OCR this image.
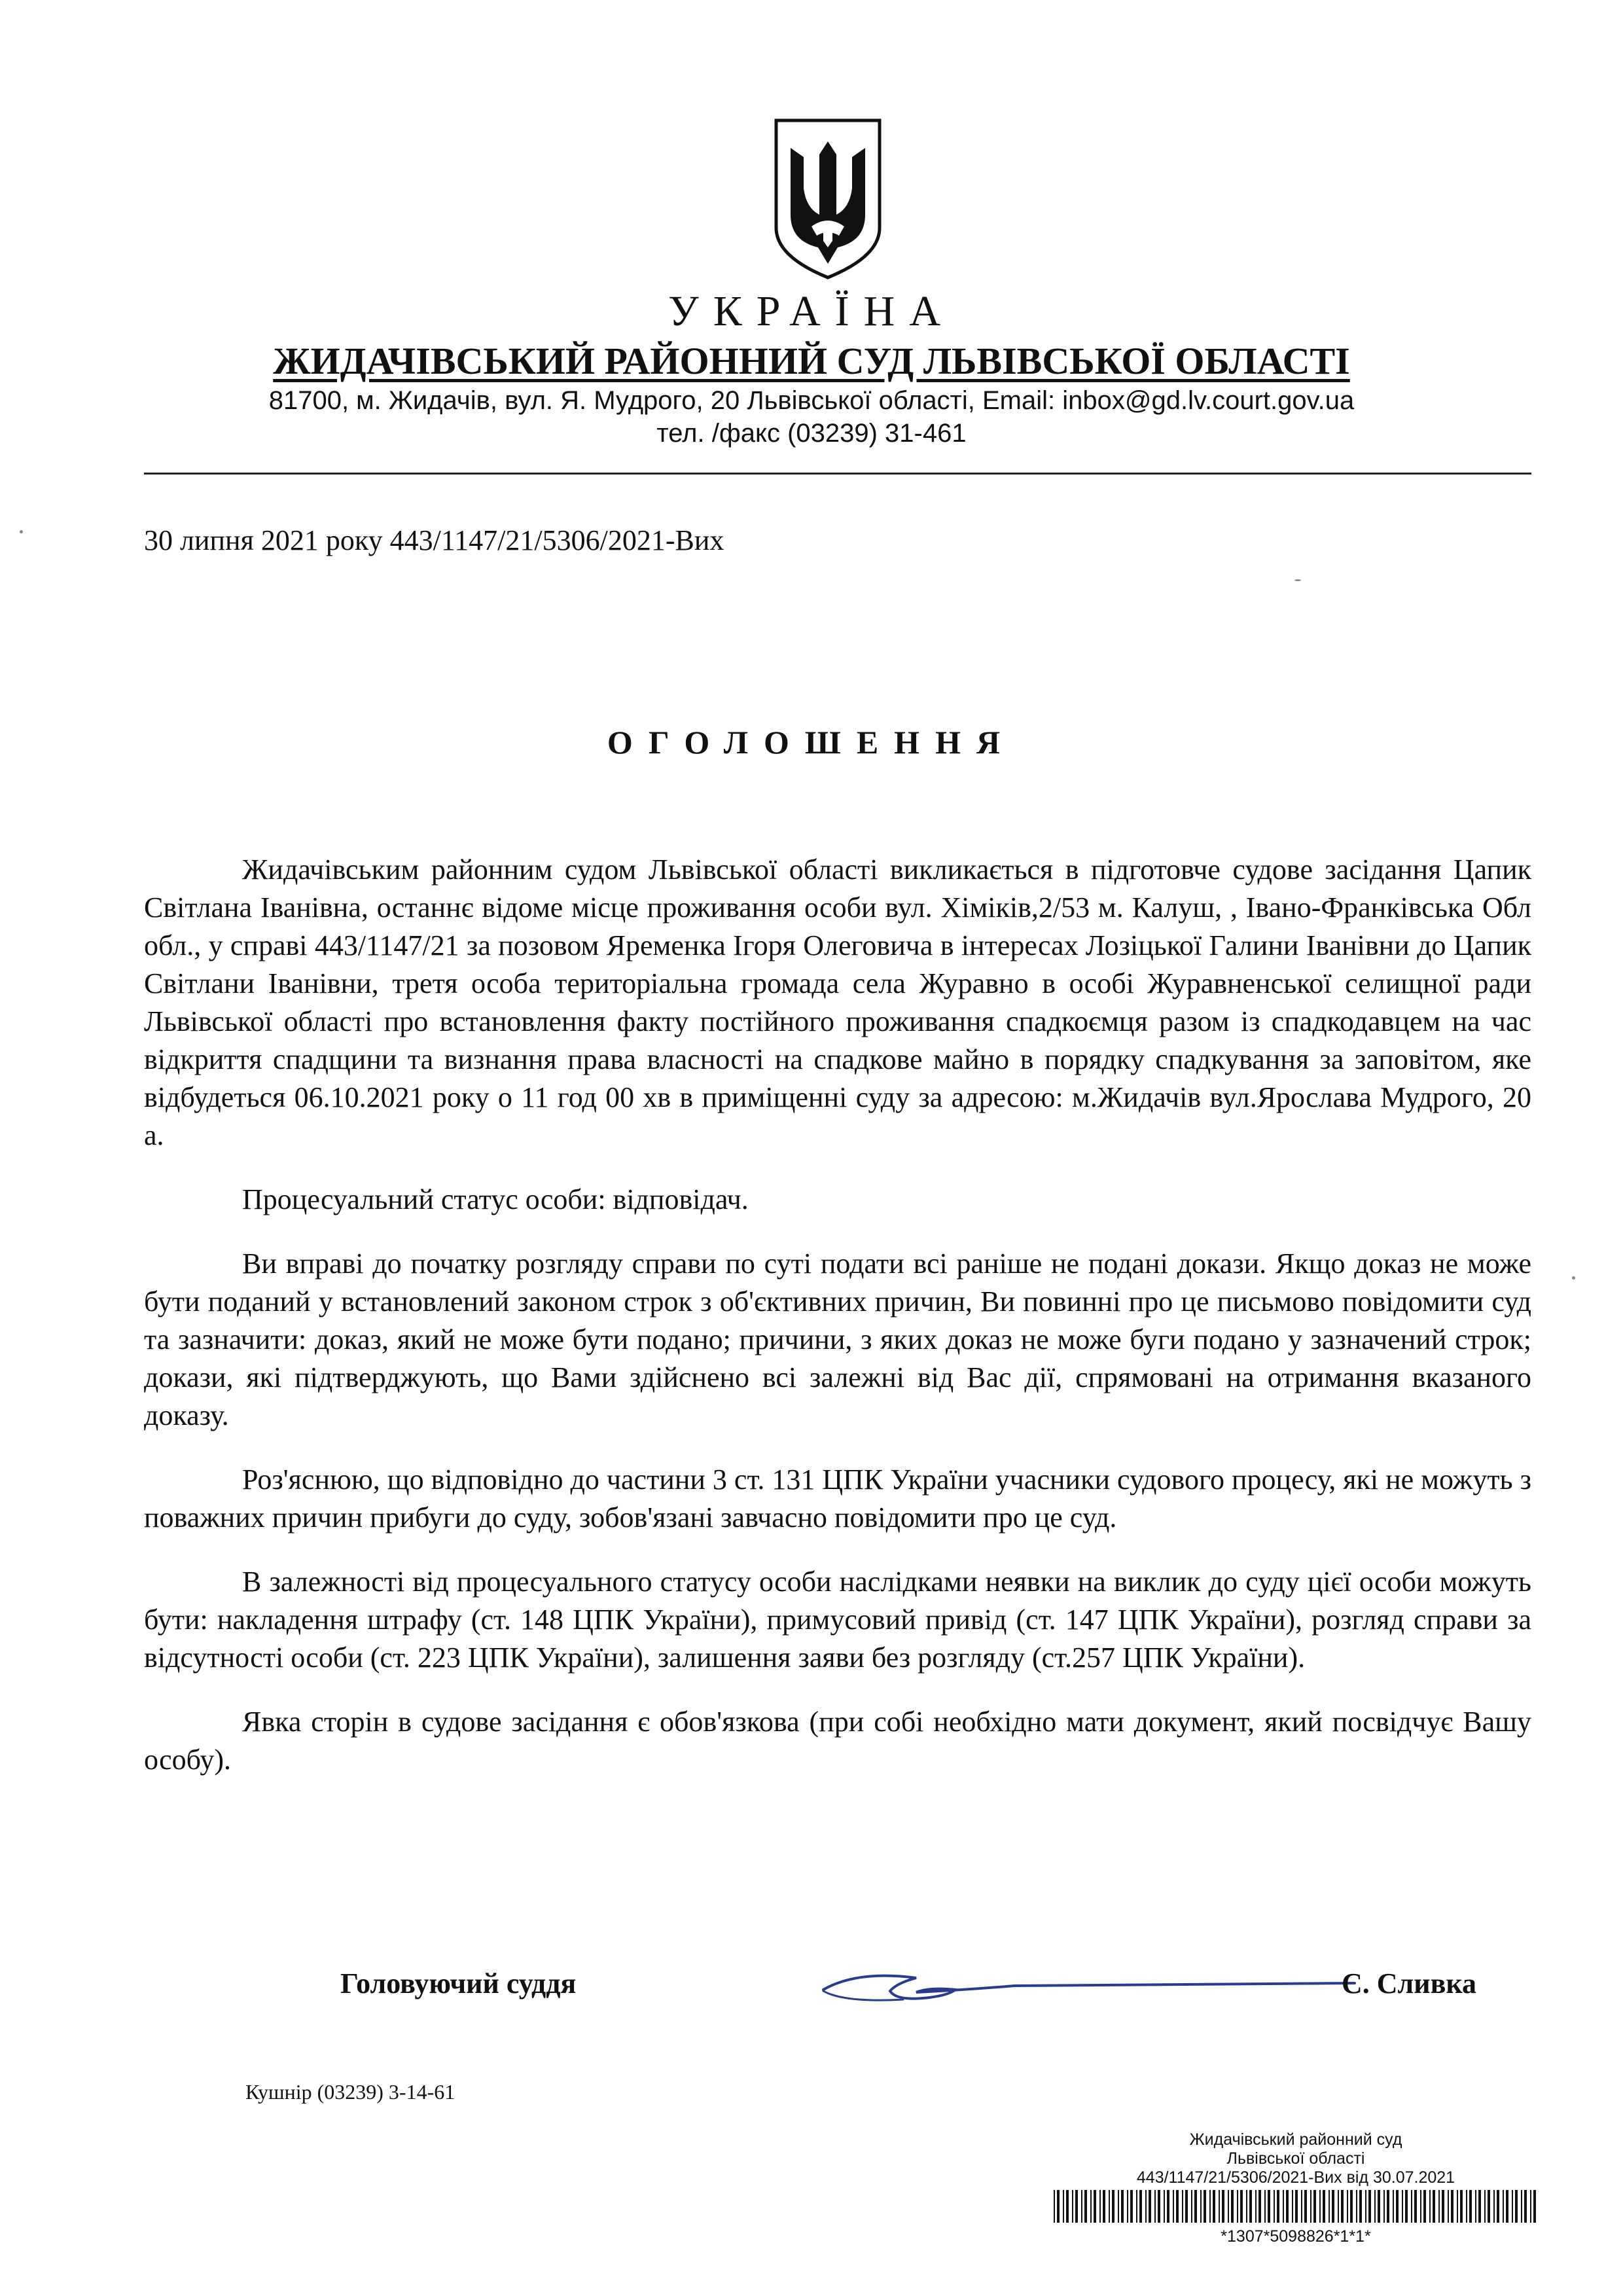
УКРАЇНА
ЖИДАЧІВСЬКИЙ РАЙОННИЙ СУД ЛЬВІВСЬКОЇ ОБЛАСТІ
81700, м. Жидачів, вул. Я. Мудрого, 20 Львівської області, Email: inbox@gd.lv.court.gov.ua
тел. /факс (03239) 31-461
30 липня 2021 року 443/1147/21/5306/2021-Вих
ОГОЛОШЕННЯ

Жидачівським районним судом Львівської області викликається в підготовче судове засідання Цапик Світлана Іванівна, останнє відоме місце проживання особи вул. Хіміків,2/53 м. Калуш, , Івано-Франківська Обл обл., у справі 443/1147/21 за позовом Яременка Ігоря Олеговича в інтересах Лозіцької Галини Іванівни до Цапик Світлани Іванівни, третя особа територіальна громада села Журавно в особі Журавненської селищної ради Львівської області про встановлення факту постійного проживання спадкоємця разом із спадкодавцем на час відкриття спадщини та визнання права власності на спадкове майно в порядку спадкування за заповітом, яке відбудеться 06.10.2021 року о 11 год 00 хв в приміщенні суду за адресою: м.Жидачів вул.Ярослава Мудрого, 20 а.

Процесуальний статус особи: відповідач.

Ви вправі до початку розгляду справи по суті подати всі раніше не подані докази. Якщо доказ не може бути поданий у встановлений законом строк з об'єктивних причин, Ви повинні про це письмово повідомити суд та зазначити: доказ, який не може бути подано; причини, з яких доказ не може буги подано у зазначений строк; докази, які підтверджують, що Вами здійснено всі залежні від Вас дії, спрямовані на отримання вказаного доказу.

Роз'яснюю, що відповідно до частини 3 ст. 131 ЦПК України учасники судового процесу, які не можуть з поважних причин прибуги до суду, зобов'язані завчасно повідомити про це суд.

В залежності від процесуального статусу особи наслідками неявки на виклик до суду цієї особи можуть бути: накладення штрафу (ст. 148 ЦПК України), примусовий привід (ст. 147 ЦПК України), розгляд справи за відсутності особи (ст. 223 ЦПК України), залишення заяви без розгляду (ст.257 ЦПК України).

Явка сторін в судове засідання є обов'язкова (при собі необхідно мати документ, який посвідчує Вашу особу).

Головуючий суддя	С. Сливка
Кушнір (03239) 3-14-61
Жидачівський районний суд
Львівської області
443/1147/21/5306/2021-Вих від 30.07.2021
*1307*5098826*1*1*
